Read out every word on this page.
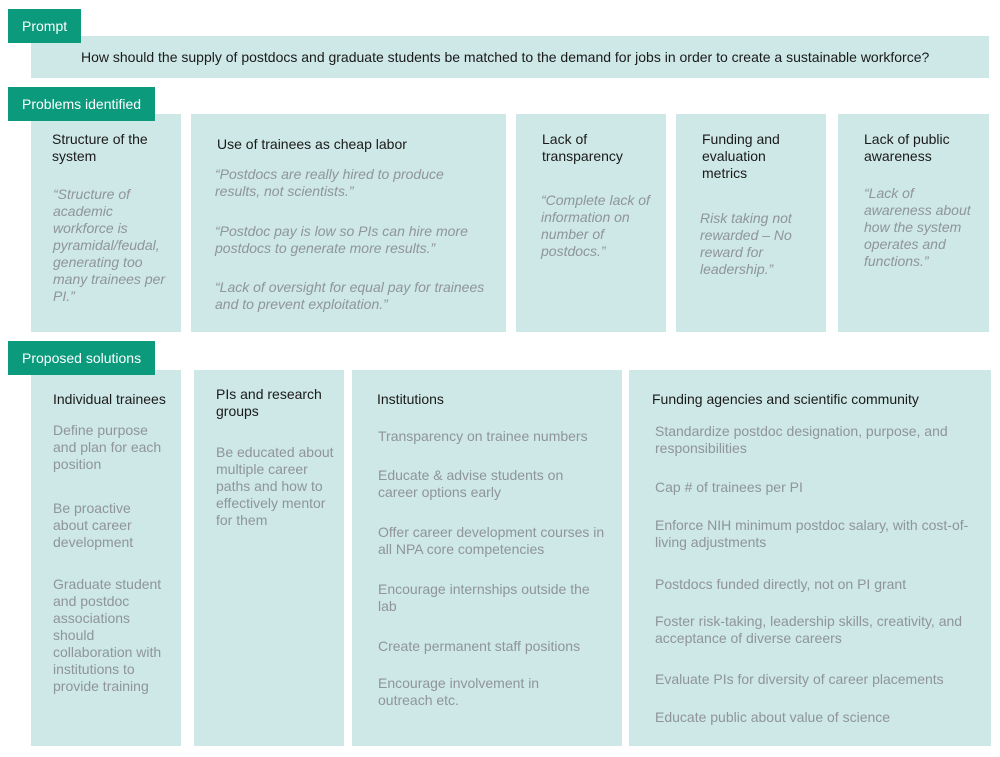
Prompt
How should the supply of postdocs and graduate students be matched to the demand for jobs in order to create a sustainable workforce?
Problems identified
Structure of the system
“Structure of academic workforce is pyramidal/feudal, generating too many trainees per PI.”
Use of trainees as cheap labor
“Postdocs are really hired to produce results, not scientists.”
“Postdoc pay is low so PIs can hire more postdocs to generate more results.”
“Lack of oversight for equal pay for trainees and to prevent exploitation.”
Lack of transparency
“Complete lack of information on number of postdocs.”
Funding and evaluation metrics
Risk taking not rewarded – No reward for leadership.”
Lack of public awareness
“Lack of awareness about how the system operates and functions.”
Proposed solutions
Individual trainees
Define purpose and plan for each position
Be proactive about career development
Graduate student and postdoc associations should collaboration with institutions to provide training
PIs and research groups
Be educated about multiple career paths and how to effectively mentor for them
Institutions
Transparency on trainee numbers
Educate & advise students on career options early
Offer career development courses in all NPA core competencies
Encourage internships outside the lab
Create permanent staff positions
Encourage involvement in outreach etc.
Funding agencies and scientific community
Standardize postdoc designation, purpose, and responsibilities
Cap # of trainees per PI
Enforce NIH minimum postdoc salary, with cost-of-living adjustments
Postdocs funded directly, not on PI grant
Foster risk-taking, leadership skills, creativity, and acceptance of diverse careers
Evaluate PIs for diversity of career placements
Educate public about value of science
